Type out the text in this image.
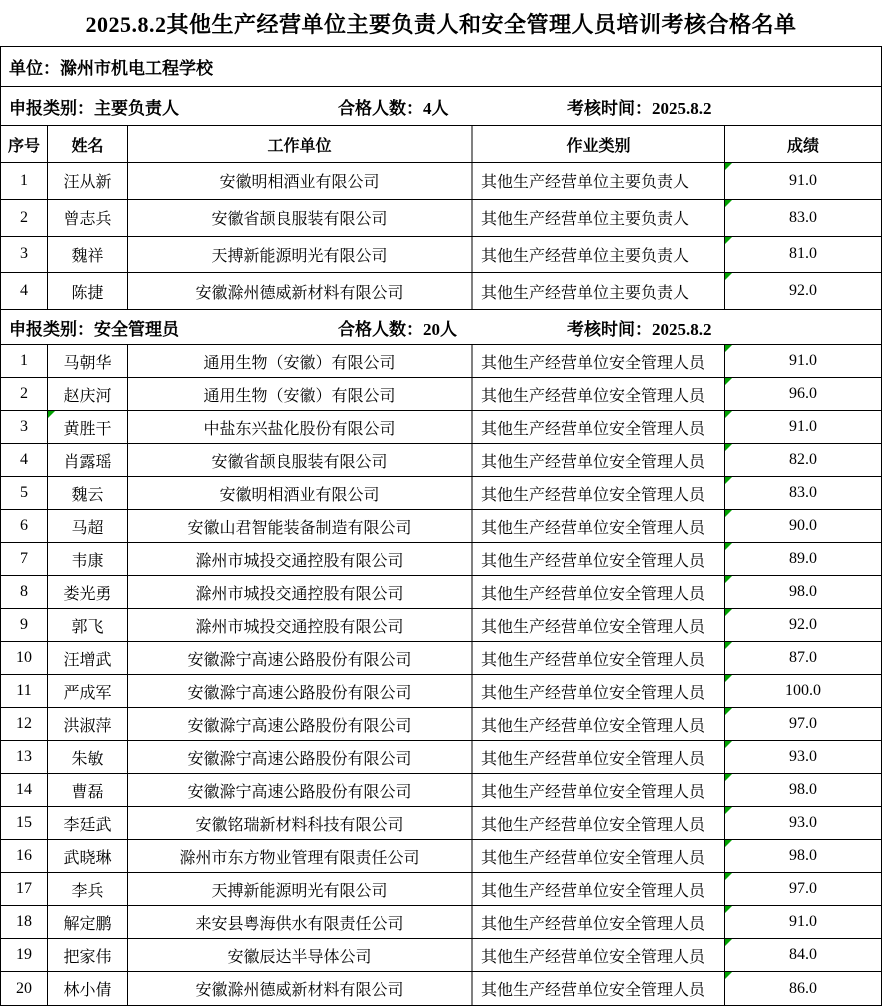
2025.8.2其他生产经营单位主要负责人和安全管理人员培训考核合格名单
单位： 滁州市机电工程学校
申报类别：主要负责人	合格人数：4人	考核时间：2025.8.2
序号	姓名	工作单位	作业类别	成绩
1	汪从新	安徽明相酒业有限公司	其他生产经营单位主要负责人	91.0
2	曾志兵	安徽省颉良服装有限公司	其他生产经营单位主要负责人	83.0
3	魏祥	天搏新能源明光有限公司	其他生产经营单位主要负责人	81.0
4	陈捷	安徽滁州德威新材料有限公司	其他生产经营单位主要负责人	92.0
申报类别：安全管理员	合格人数：20人	考核时间：2025.8.2
1	马朝华	通用生物（安徽）有限公司	其他生产经营单位安全管理人员	91.0
2	赵庆河	通用生物（安徽）有限公司	其他生产经营单位安全管理人员	96.0
3	黄胜干	中盐东兴盐化股份有限公司	其他生产经营单位安全管理人员	91.0
4	肖露瑶	安徽省颉良服装有限公司	其他生产经营单位安全管理人员	82.0
5	魏云	安徽明相酒业有限公司	其他生产经营单位安全管理人员	83.0
6	马超	安徽山君智能装备制造有限公司	其他生产经营单位安全管理人员	90.0
7	韦康	滁州市城投交通控股有限公司	其他生产经营单位安全管理人员	89.0
8	娄光勇	滁州市城投交通控股有限公司	其他生产经营单位安全管理人员	98.0
9	郭飞	滁州市城投交通控股有限公司	其他生产经营单位安全管理人员	92.0
10	汪增武	安徽滁宁高速公路股份有限公司	其他生产经营单位安全管理人员	87.0
11	严成军	安徽滁宁高速公路股份有限公司	其他生产经营单位安全管理人员	100.0
12	洪淑萍	安徽滁宁高速公路股份有限公司	其他生产经营单位安全管理人员	97.0
13	朱敏	安徽滁宁高速公路股份有限公司	其他生产经营单位安全管理人员	93.0
14	曹磊	安徽滁宁高速公路股份有限公司	其他生产经营单位安全管理人员	98.0
15	李廷武	安徽铭瑞新材料科技有限公司	其他生产经营单位安全管理人员	93.0
16	武晓琳	滁州市东方物业管理有限责任公司	其他生产经营单位安全管理人员	98.0
17	李兵	天搏新能源明光有限公司	其他生产经营单位安全管理人员	97.0
18	解定鹏	来安县粤海供水有限责任公司	其他生产经营单位安全管理人员	91.0
19	把家伟	安徽辰达半导体公司	其他生产经营单位安全管理人员	84.0
20	林小倩	安徽滁州德威新材料有限公司	其他生产经营单位安全管理人员	86.0
